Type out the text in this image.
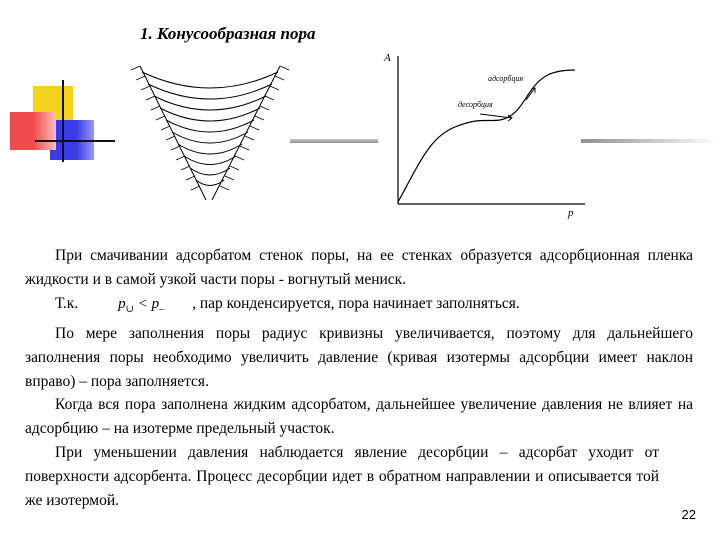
1. Конусообразная пора
A
p
адсорбция
десорбция

При смачивании адсорбатом стенок поры, на ее стенках образуется адсорбционная пленка жидкости и в самой узкой части поры - вогнутый мениск.

Т.к.	$p_\cup < p_-$ , пар конденсируется, пора начинает заполняться.

По мере заполнения поры радиус кривизны увеличивается, поэтому для дальнейшего заполнения поры необходимо увеличить давление (кривая изотермы адсорбции имеет наклон вправо) – пора заполняется.

Когда вся пора заполнена жидким адсорбатом, дальнейшее увеличение давления не влияет на адсорбцию – на изотерме предельный участок.

При уменьшении давления наблюдается явление десорбции – адсорбат уходит от поверхности адсорбента. Процесс десорбции идет в обратном направлении и описывается той же изотермой.

22
